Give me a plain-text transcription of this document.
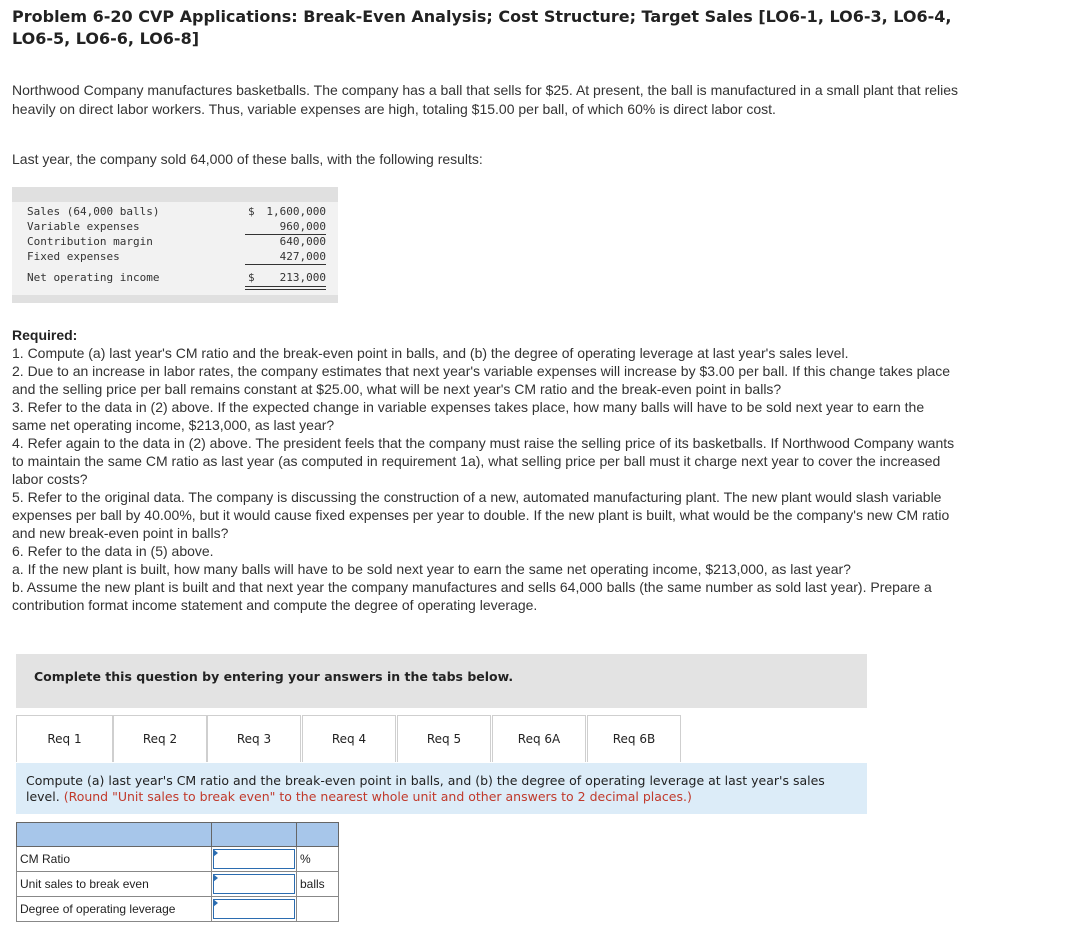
Problem 6-20 CVP Applications: Break-Even Analysis; Cost Structure; Target Sales [LO6-1, LO6-3, LO6-4, LO6-5, LO6-6, LO6-8]
Northwood Company manufactures basketballs. The company has a ball that sells for $25. At present, the ball is manufactured in a small plant that relies heavily on direct labor workers. Thus, variable expenses are high, totaling $15.00 per ball, of which 60% is direct labor cost.
Last year, the company sold 64,000 of these balls, with the following results:
Sales (64,000 balls)	$ 1,600,000
Variable expenses	960,000
Contribution margin	640,000
Fixed expenses	427,000
Net operating income	$ 213,000
Required:
1. Compute (a) last year's CM ratio and the break-even point in balls, and (b) the degree of operating leverage at last year's sales level.
2. Due to an increase in labor rates, the company estimates that next year's variable expenses will increase by $3.00 per ball. If this change takes place and the selling price per ball remains constant at $25.00, what will be next year's CM ratio and the break-even point in balls?
3. Refer to the data in (2) above. If the expected change in variable expenses takes place, how many balls will have to be sold next year to earn the same net operating income, $213,000, as last year?
4. Refer again to the data in (2) above. The president feels that the company must raise the selling price of its basketballs. If Northwood Company wants to maintain the same CM ratio as last year (as computed in requirement 1a), what selling price per ball must it charge next year to cover the increased labor costs?
5. Refer to the original data. The company is discussing the construction of a new, automated manufacturing plant. The new plant would slash variable expenses per ball by 40.00%, but it would cause fixed expenses per year to double. If the new plant is built, what would be the company's new CM ratio and new break-even point in balls?
6. Refer to the data in (5) above.
a. If the new plant is built, how many balls will have to be sold next year to earn the same net operating income, $213,000, as last year?
b. Assume the new plant is built and that next year the company manufactures and sells 64,000 balls (the same number as sold last year). Prepare a contribution format income statement and compute the degree of operating leverage.
Complete this question by entering your answers in the tabs below.
Req 1	Req 2	Req 3	Req 4	Req 5	Req 6A	Req 6B
Compute (a) last year's CM ratio and the break-even point in balls, and (b) the degree of operating leverage at last year's sales level. (Round "Unit sales to break even" to the nearest whole unit and other answers to 2 decimal places.)
CM Ratio	%
Unit sales to break even	balls
Degree of operating leverage
